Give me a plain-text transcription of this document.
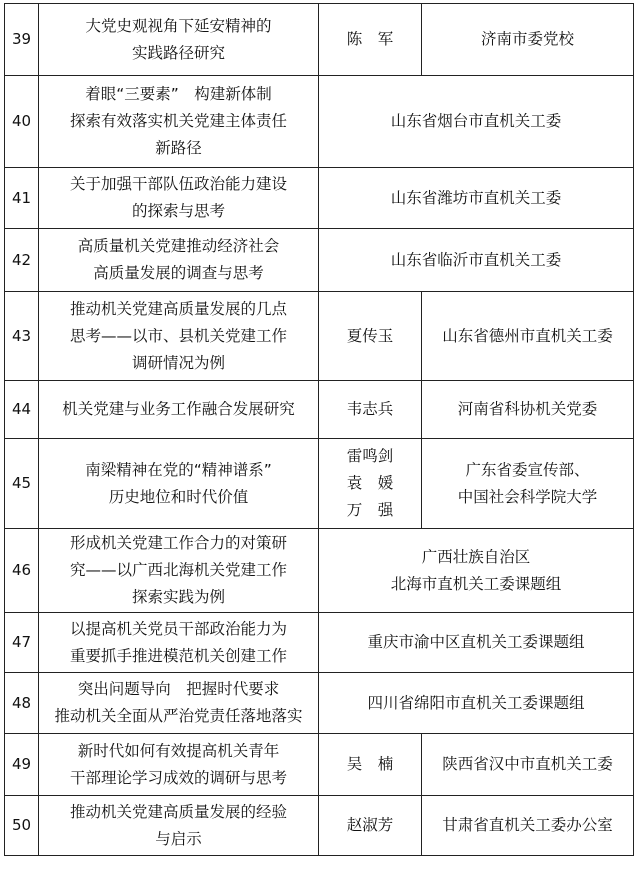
39	大党史观视角下延安精神的
实践路径研究	陈　军	济南市委党校

40	着眼“三要素”　构建新体制
探索有效落实机关党建主体责任
新路径	山东省烟台市直机关工委	

41	关于加强干部队伍政治能力建设
的探索与思考	山东省潍坊市直机关工委	

42	高质量机关党建推动经济社会
高质量发展的调查与思考	山东省临沂市直机关工委	

43	推动机关党建高质量发展的几点
思考——以市、县机关党建工作
调研情况为例	夏传玉	山东省德州市直机关工委

44	机关党建与业务工作融合发展研究	韦志兵	河南省科协机关党委

45	南梁精神在党的“精神谱系”
历史地位和时代价值	雷鸣剑
袁　媛
万　强	广东省委宣传部、
中国社会科学院大学

46	形成机关党建工作合力的对策研
究——以广西北海机关党建工作
探索实践为例	广西壮族自治区
北海市直机关工委课题组	

47	以提高机关党员干部政治能力为
重要抓手推进模范机关创建工作	重庆市渝中区直机关工委课题组	

48	突出问题导向　把握时代要求
推动机关全面从严治党责任落地落实	四川省绵阳市直机关工委课题组	

49	新时代如何有效提高机关青年
干部理论学习成效的调研与思考	吴　楠	陕西省汉中市直机关工委

50	推动机关党建高质量发展的经验
与启示	赵淑芳	甘肃省直机关工委办公室
